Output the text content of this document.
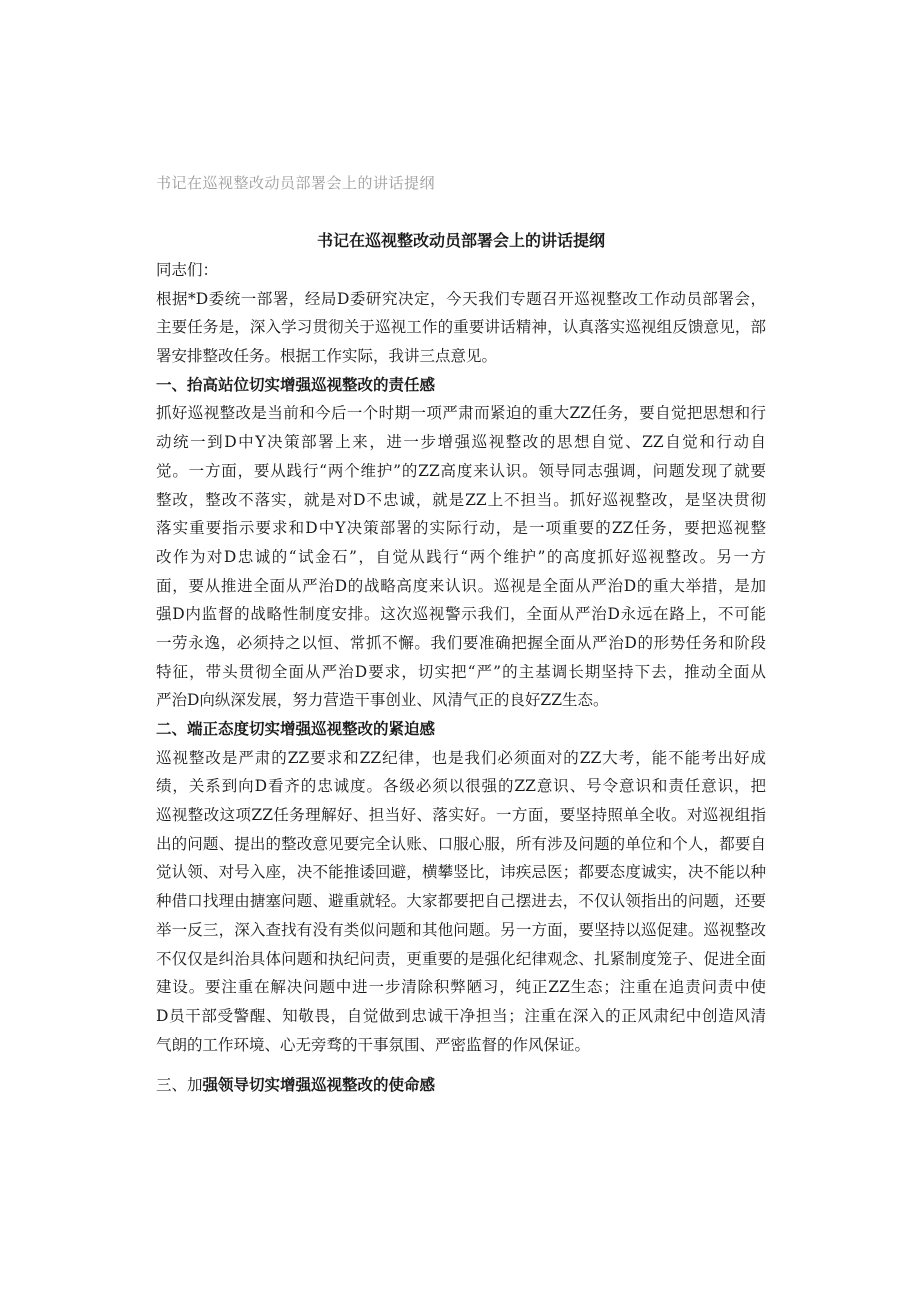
书记在巡视整改动员部署会上的讲话提纲
书记在巡视整改动员部署会上的讲话提纲
同志们：
根据*D委统一部署，经局D委研究决定，今天我们专题召开巡视整改工作动员部署会，
主要任务是，深入学习贯彻关于巡视工作的重要讲话精神，认真落实巡视组反馈意见，部
署安排整改任务。根据工作实际，我讲三点意见。
一、抬高站位切实增强巡视整改的责任感
抓好巡视整改是当前和今后一个时期一项严肃而紧迫的重大ZZ任务，要自觉把思想和行
动统一到D中Y决策部署上来，进一步增强巡视整改的思想自觉、ZZ自觉和行动自
觉。一方面，要从践行“两个维护”的ZZ高度来认识。领导同志强调，问题发现了就要
整改，整改不落实，就是对D不忠诚，就是ZZ上不担当。抓好巡视整改，是坚决贯彻
落实重要指示要求和D中Y决策部署的实际行动，是一项重要的ZZ任务，要把巡视整
改作为对D忠诚的“试金石”，自觉从践行“两个维护”的高度抓好巡视整改。另一方
面，要从推进全面从严治D的战略高度来认识。巡视是全面从严治D的重大举措，是加
强D内监督的战略性制度安排。这次巡视警示我们，全面从严治D永远在路上，不可能
一劳永逸，必须持之以恒、常抓不懈。我们要准确把握全面从严治D的形势任务和阶段
特征，带头贯彻全面从严治D要求，切实把“严”的主基调长期坚持下去，推动全面从
严治D向纵深发展，努力营造干事创业、风清气正的良好ZZ生态。
二、端正态度切实增强巡视整改的紧迫感
巡视整改是严肃的ZZ要求和ZZ纪律，也是我们必须面对的ZZ大考，能不能考出好成
绩，关系到向D看齐的忠诚度。各级必须以很强的ZZ意识、号令意识和责任意识，把
巡视整改这项ZZ任务理解好、担当好、落实好。一方面，要坚持照单全收。对巡视组指
出的问题、提出的整改意见要完全认账、口服心服，所有涉及问题的单位和个人，都要自
觉认领、对号入座，决不能推诿回避，横攀竖比，讳疾忌医；都要态度诚实，决不能以种
种借口找理由搪塞问题、避重就轻。大家都要把自己摆进去，不仅认领指出的问题，还要
举一反三，深入查找有没有类似问题和其他问题。另一方面，要坚持以巡促建。巡视整改
不仅仅是纠治具体问题和执纪问责，更重要的是强化纪律观念、扎紧制度笼子、促进全面
建设。要注重在解决问题中进一步清除积弊陋习，纯正ZZ生态；注重在追责问责中使
D员干部受警醒、知敬畏，自觉做到忠诚干净担当；注重在深入的正风肃纪中创造风清
气朗的工作环境、心无旁骛的干事氛围、严密监督的作风保证。
三、加强领导切实增强巡视整改的使命感
